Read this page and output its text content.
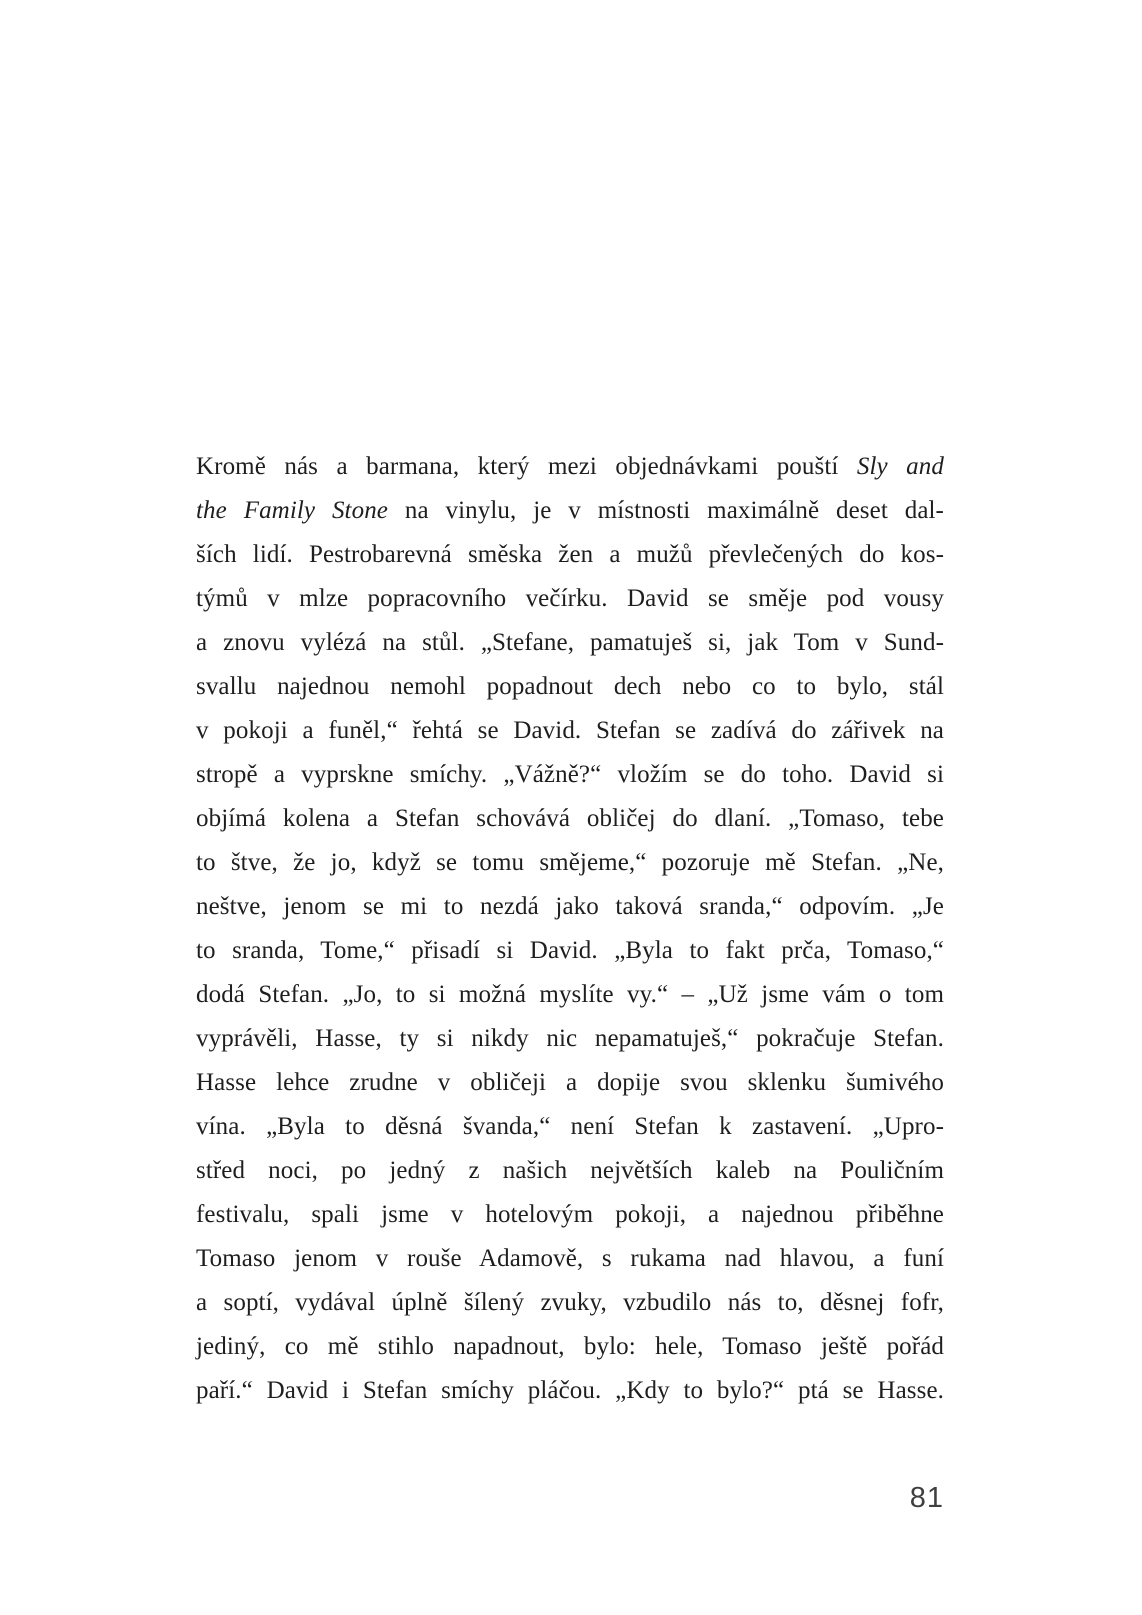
Kromě nás a barmana, který mezi objednávkami pouští Sly and
the Family Stone na vinylu, je v místnosti maximálně deset dal-
ších lidí. Pestrobarevná směska žen a mužů převlečených do kos-
týmů v mlze popracovního večírku. David se směje pod vousy
a znovu vylézá na stůl. „Stefane, pamatuješ si, jak Tom v Sund-
svallu najednou nemohl popadnout dech nebo co to bylo, stál
v pokoji a funěl,“ řehtá se David. Stefan se zadívá do zářivek na
stropě a vyprskne smíchy. „Vážně?“ vložím se do toho. David si
objímá kolena a Stefan schovává obličej do dlaní. „Tomaso, tebe
to štve, že jo, když se tomu smějeme,“ pozoruje mě Stefan. „Ne,
neštve, jenom se mi to nezdá jako taková sranda,“ odpovím. „Je
to sranda, Tome,“ přisadí si David. „Byla to fakt prča, Tomaso,“
dodá Stefan. „Jo, to si možná myslíte vy.“ – „Už jsme vám o tom
vyprávěli, Hasse, ty si nikdy nic nepamatuješ,“ pokračuje Stefan.
Hasse lehce zrudne v obličeji a dopije svou sklenku šumivého
vína. „Byla to děsná švanda,“ není Stefan k zastavení. „Upro-
střed noci, po jedný z našich největších kaleb na Pouličním
festivalu, spali jsme v hotelovým pokoji, a najednou přiběhne
Tomaso jenom v rouše Adamově, s rukama nad hlavou, a funí
a soptí, vydával úplně šílený zvuky, vzbudilo nás to, děsnej fofr,
jediný, co mě stihlo napadnout, bylo: hele, Tomaso ještě pořád
paří.“ David i Stefan smíchy pláčou. „Kdy to bylo?“ ptá se Hasse.
81
